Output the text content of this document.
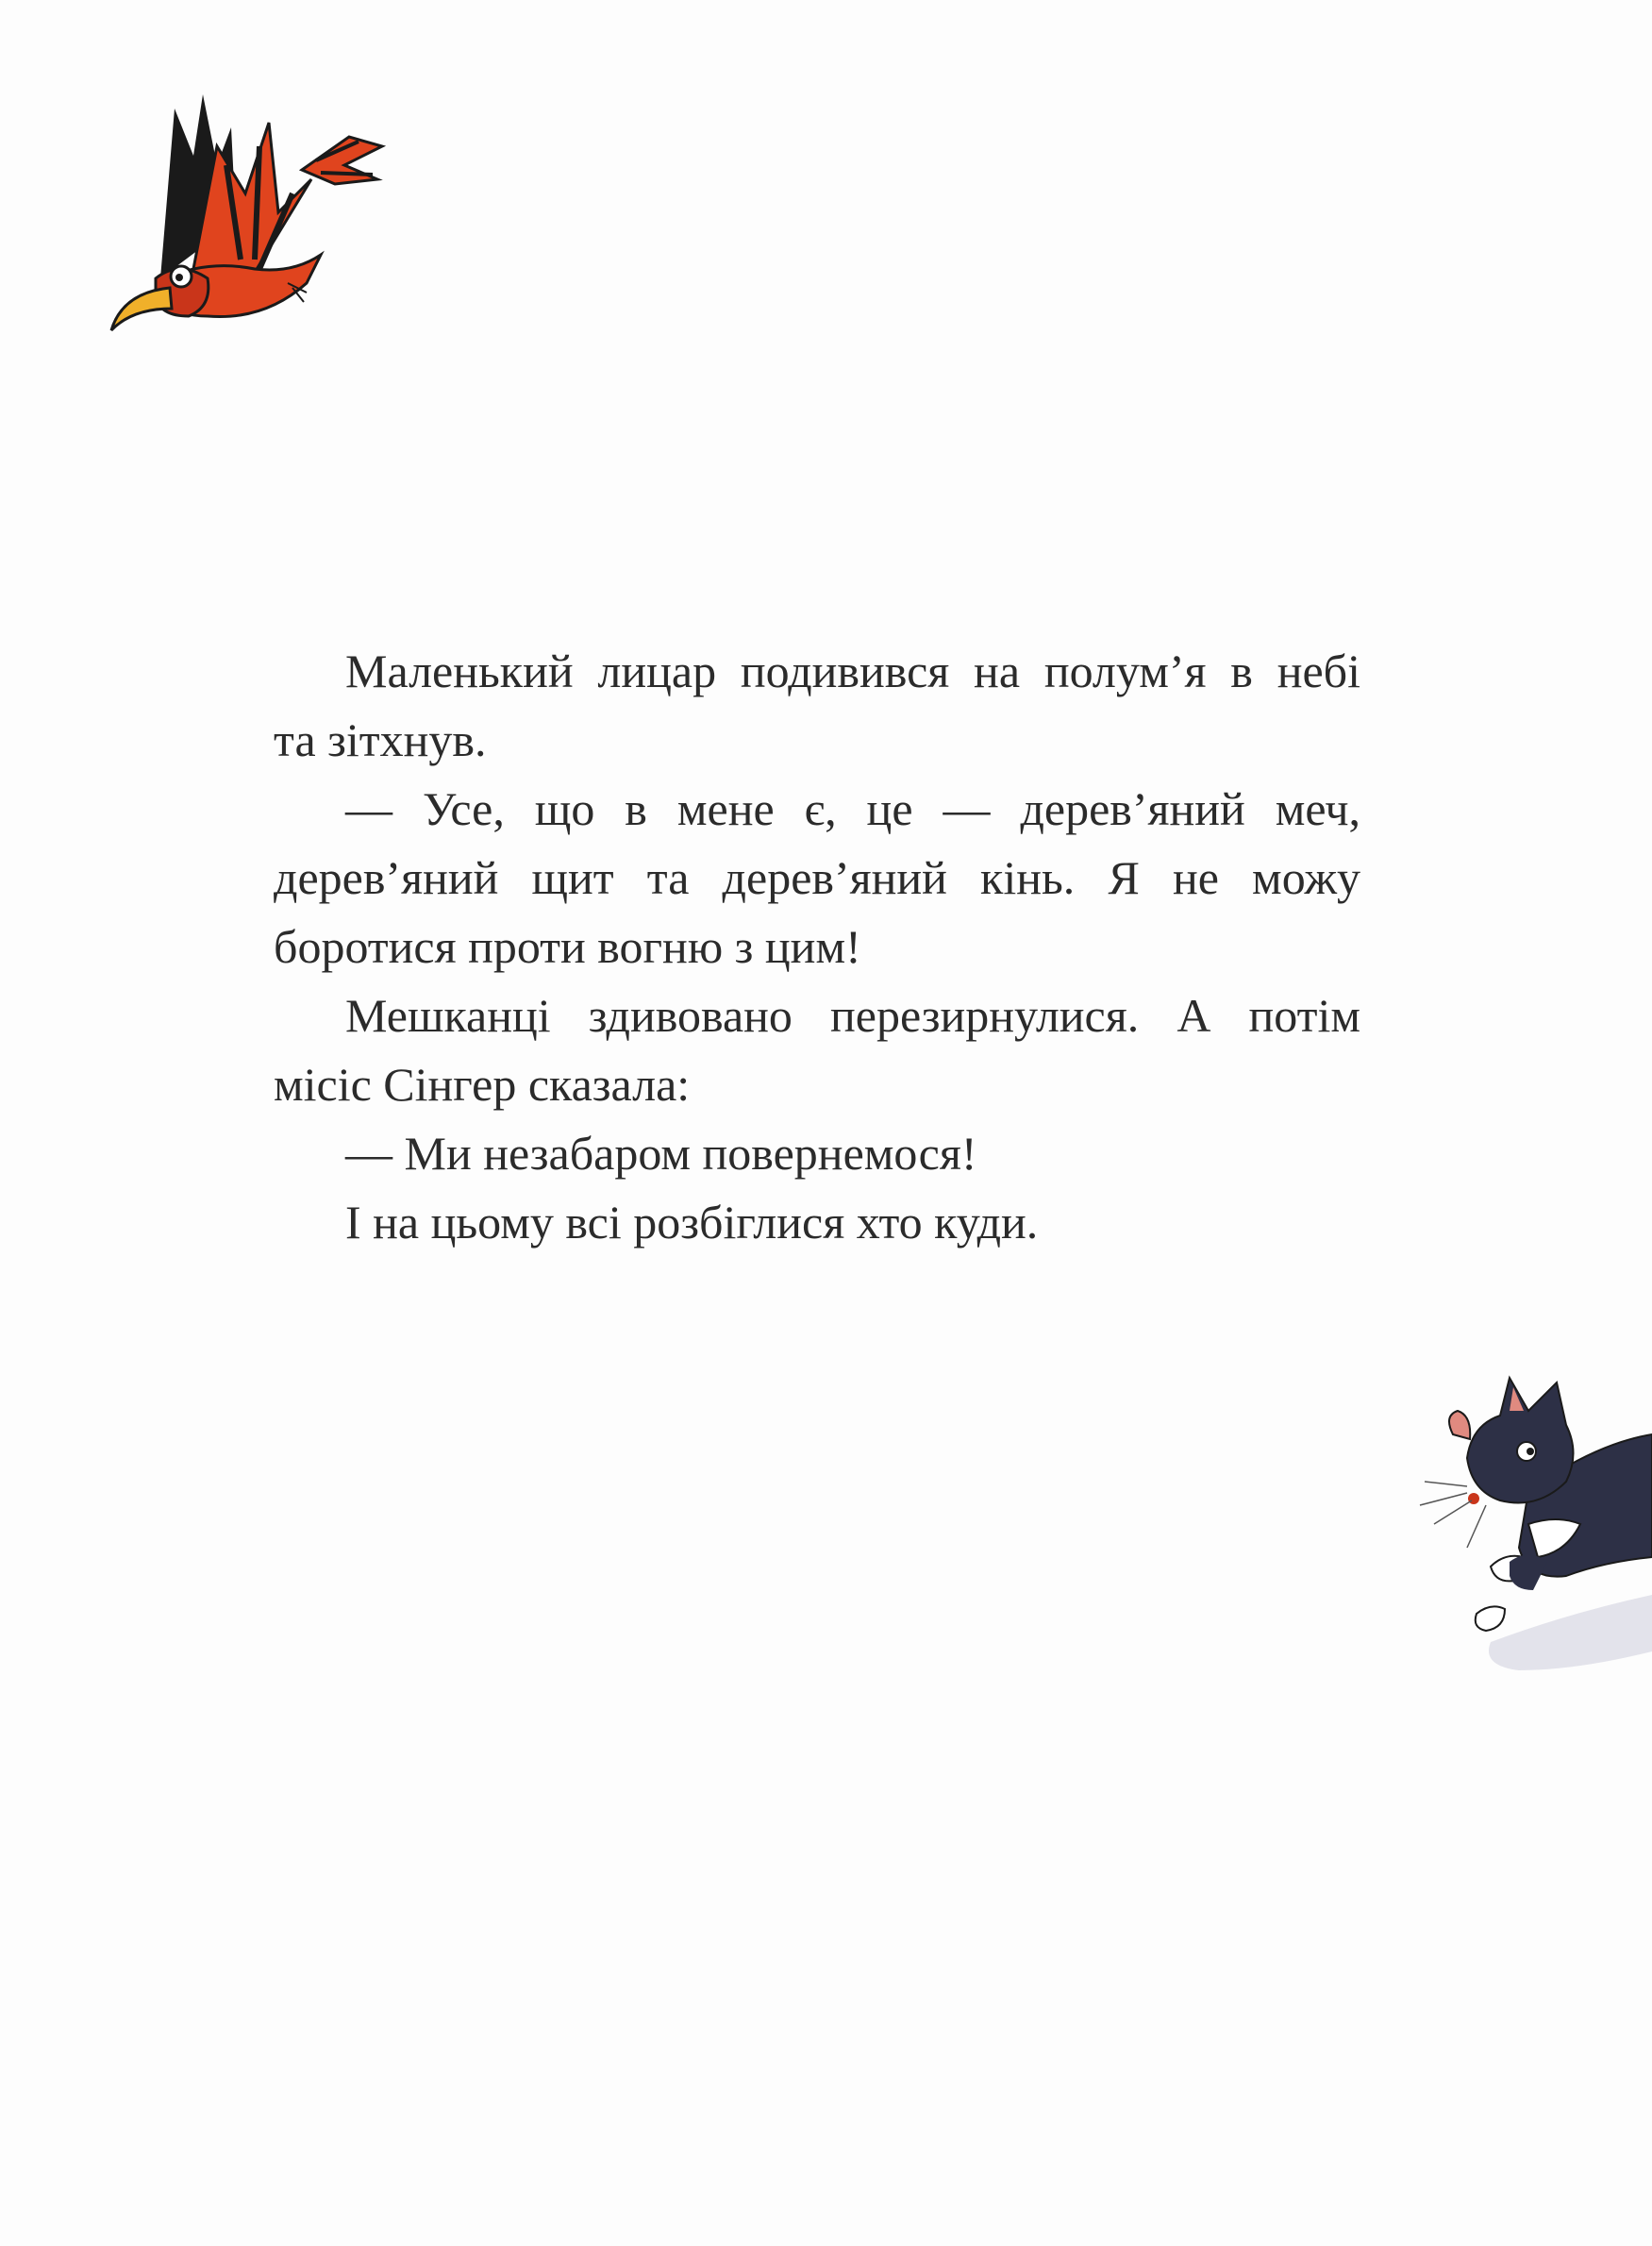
Маленький лицар подивився на полум’я в небі
та зітхнув.

— Усе, що в мене є, це — дерев’яний меч,
дерев’яний щит та дерев’яний кінь. Я не можу
боротися проти вогню з цим!

Мешканці здивовано перезирнулися. А потім
місіс Сінгер сказала:

— Ми незабаром повернемося!

І на цьому всі розбіглися хто куди.
